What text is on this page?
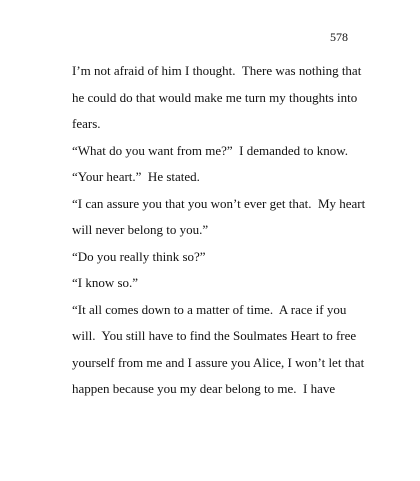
578
I’m not afraid of him I thought.  There was nothing that
he could do that would make me turn my thoughts into
fears.
“What do you want from me?”  I demanded to know.
“Your heart.”  He stated.
“I can assure you that you won’t ever get that.  My heart
will never belong to you.”
“Do you really think so?”
“I know so.”
“It all comes down to a matter of time.  A race if you
will.  You still have to find the Soulmates Heart to free
yourself from me and I assure you Alice, I won’t let that
happen because you my dear belong to me.  I have
